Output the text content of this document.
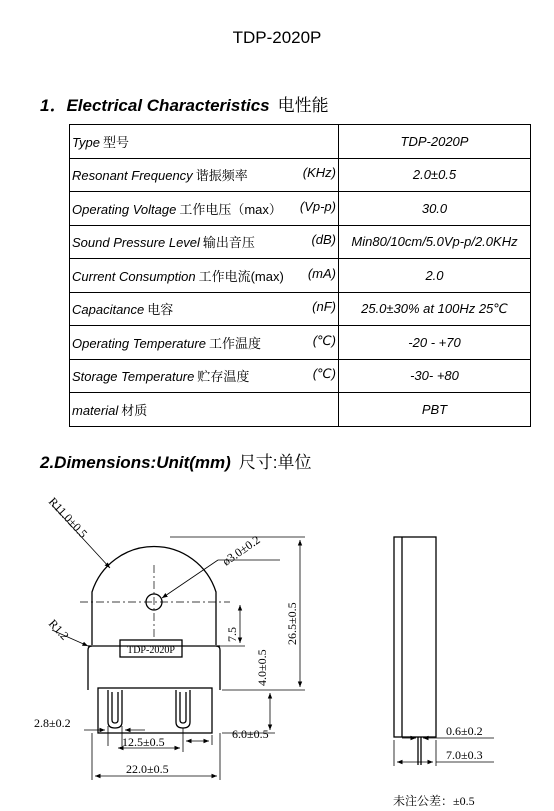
TDP-2020P
1．Electrical Characteristics 电性能
Type 型号	TDP-2020P

Resonant Frequency 谐振频率 (KHz)	2.0±0.5

Operating Voltage 工作电压（max） (Vp-p)	30.0

Sound Pressure Level 输出音压 (dB)	Min80/10cm/5.0Vp-p/2.0KHz

Current Consumption 工作电流(max) (mA)	2.0

Capacitance 电容 (nF)	25.0±30% at 100Hz 25℃

Operating Temperature 工作温度 (℃)	-20 - +70

Storage Temperature 贮存温度 (℃)	-30- +80

material 材质	PBT
2.Dimensions:Unit(mm) 尺寸:单位
TDP-2020P
R11.0±0.5
ø3.0±0.2
R1.2	7.5	26.5±0.5
4.0±0.5
2.8±0.2
12.5±0.5
6.0±0.5
22.0±0.5
0.6±0.2
7.0±0.3
未注公差：±0.5
